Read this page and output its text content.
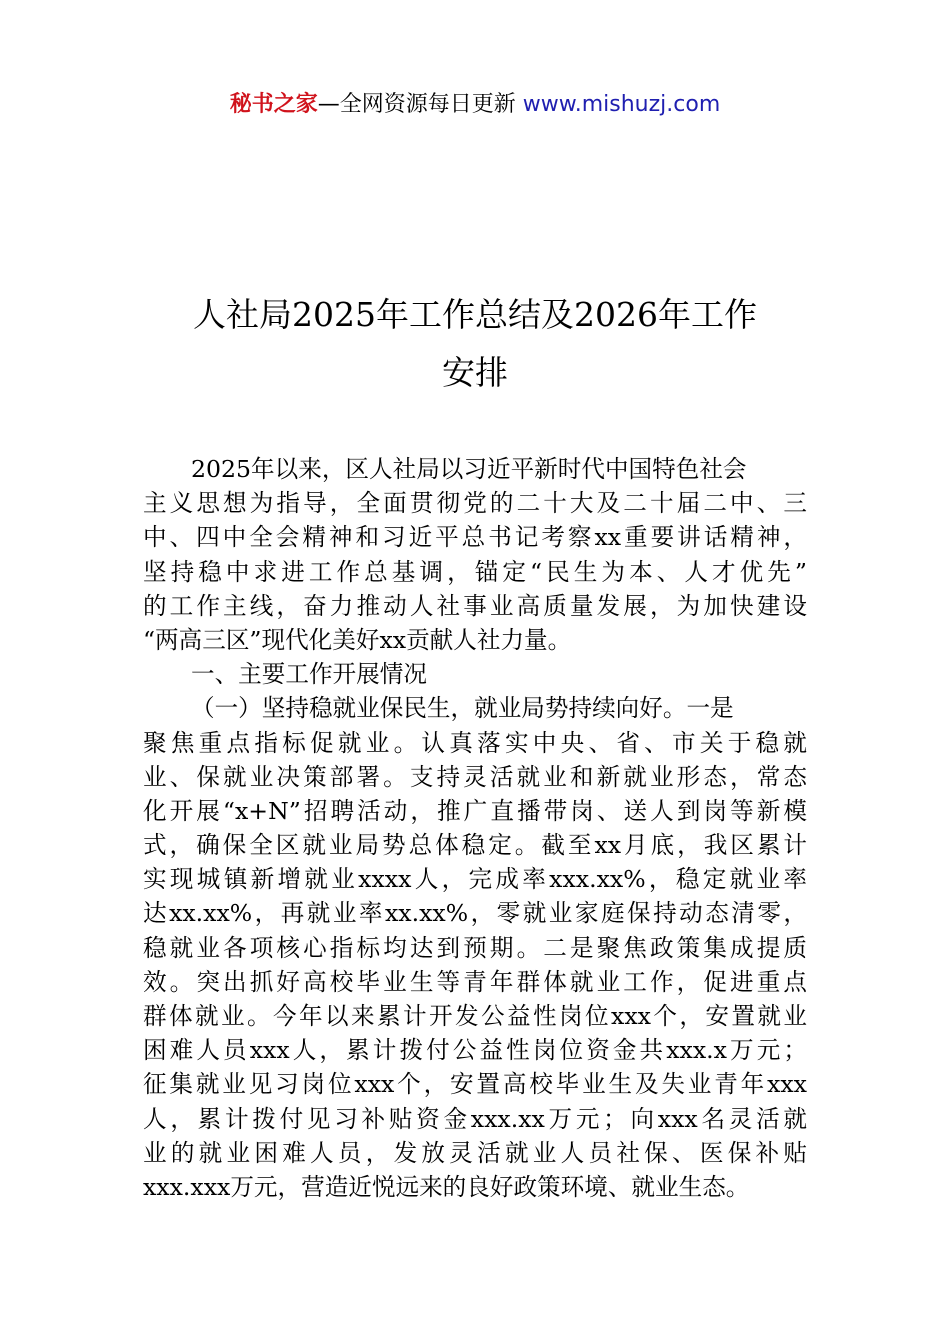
秘书之家—全网资源每日更新 www.mishuzj.com
人社局2025年工作总结及2026年工作
安排
2025年以来，区人社局以习近平新时代中国特色社会
主义思想为指导，全面贯彻党的二十大及二十届二中、三
中、四中全会精神和习近平总书记考察xx重要讲话精神，
坚持稳中求进工作总基调，锚定“民生为本、人才优先”
的工作主线，奋力推动人社事业高质量发展，为加快建设
“两高三区”现代化美好xx贡献人社力量。
一、主要工作开展情况
（一）坚持稳就业保民生，就业局势持续向好。一是
聚焦重点指标促就业。认真落实中央、省、市关于稳就
业、保就业决策部署。支持灵活就业和新就业形态，常态
化开展“x+N”招聘活动，推广直播带岗、送人到岗等新模
式，确保全区就业局势总体稳定。截至xx月底，我区累计
实现城镇新增就业xxxx人，完成率xxx.xx%，稳定就业率
达xx.xx%，再就业率xx.xx%，零就业家庭保持动态清零，
稳就业各项核心指标均达到预期。二是聚焦政策集成提质
效。突出抓好高校毕业生等青年群体就业工作，促进重点
群体就业。今年以来累计开发公益性岗位xxx个，安置就业
困难人员xxx人，累计拨付公益性岗位资金共xxx.x万元；
征集就业见习岗位xxx个，安置高校毕业生及失业青年xxx
人，累计拨付见习补贴资金xxx.xx万元；向xxx名灵活就
业的就业困难人员，发放灵活就业人员社保、医保补贴
xxx.xxx万元，营造近悦远来的良好政策环境、就业生态。
